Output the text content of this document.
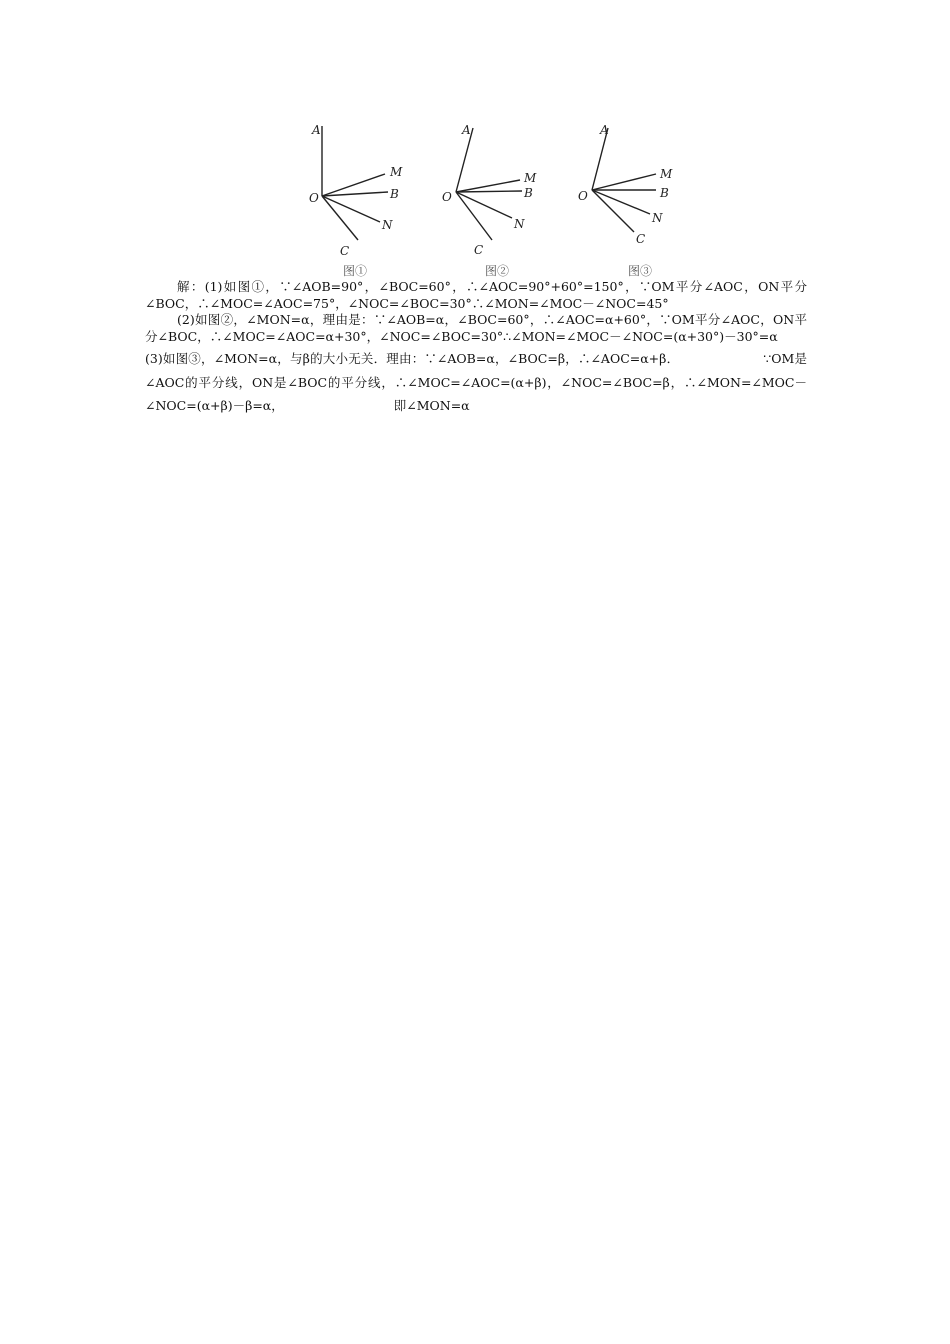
A
M
B
O
N
C
图①
A
M
B
O
N
C
图②
A
M
B
O
N
C
图③

解：(1)如图①，∵∠AOB=90°，∠BOC=60°，∴∠AOC=90°+60°=150°，∵OM平分∠AOC，ON平分∠BOC，∴∠MOC=∠AOC=75°，∠NOC=∠BOC=30°∴∠MON=∠MOC－∠NOC=45°

(2)如图②，∠MON=α，理由是：∵∠AOB=α，∠BOC=60°，∴∠AOC=α+60°，∵OM平分∠AOC，ON平分∠BOC，∴∠MOC=∠AOC=α+30°，∠NOC=∠BOC=30°∴∠MON=∠MOC－∠NOC=(α+30°)－30°=α

(3)如图③，∠MON=α，与β的大小无关．理由：∵∠AOB=α，∠BOC=β，∴∠AOC=α+β．	∵OM是∠AOC的平分线，ON是∠BOC的平分线，∴∠MOC=∠AOC=(α+β)，∠NOC=∠BOC=β，∴∠MON=∠MOC－∠NOC=(α+β)－β=α，	即∠MON=α
